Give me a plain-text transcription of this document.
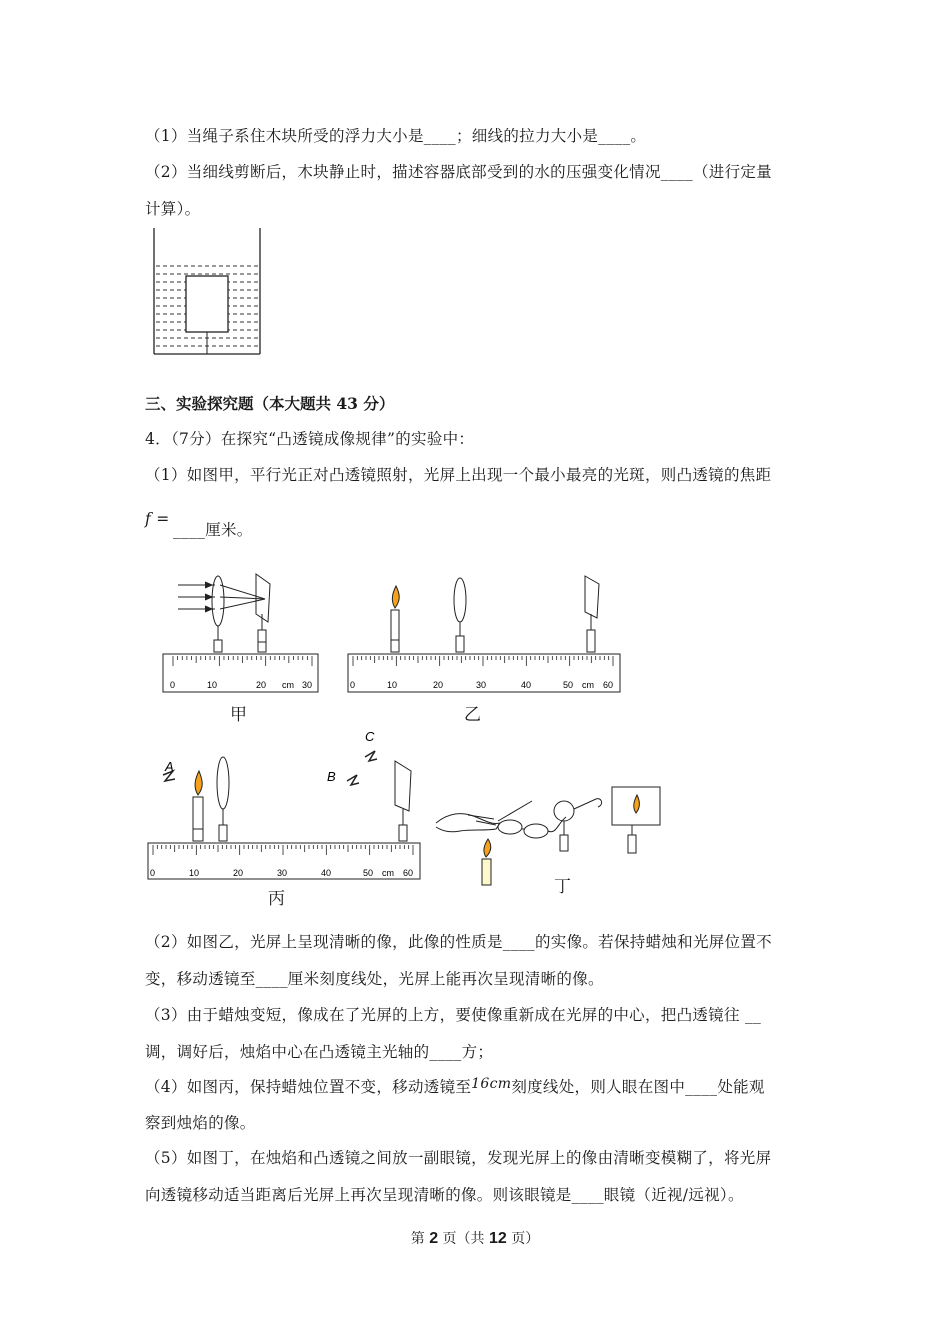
（1）当绳子系住木块所受的浮力大小是____；细线的拉力大小是____。
（2）当细线剪断后，木块静止时，描述容器底部受到的水的压强变化情况____（进行定量
计算）。
三、实验探究题（本大题共 43 分）
4．（7分）在探究“凸透镜成像规律”的实验中：
（1）如图甲，平行光正对凸透镜照射，光屏上出现一个最小最亮的光斑，则凸透镜的焦距
f =
____厘米。
0	10	20 cm 30
甲
0	10	20	30	40	50 cm 60
乙
A
B
C
0	10	20	30	40	50 cm 60
丙
丁
（2）如图乙，光屏上呈现清晰的像，此像的性质是____的实像。若保持蜡烛和光屏位置不
变，移动透镜至____厘米刻度线处，光屏上能再次呈现清晰的像。
（3）由于蜡烛变短，像成在了光屏的上方，要使像重新成在光屏的中心，把凸透镜往 __
调，调好后，烛焰中心在凸透镜主光轴的____方；
（4）如图丙，保持蜡烛位置不变，移动透镜至16cm刻度线处，则人眼在图中____处能观
察到烛焰的像。
（5）如图丁，在烛焰和凸透镜之间放一副眼镜，发现光屏上的像由清晰变模糊了，将光屏
向透镜移动适当距离后光屏上再次呈现清晰的像。则该眼镜是____眼镜（近视/远视）。
第 2 页（共 12 页）
